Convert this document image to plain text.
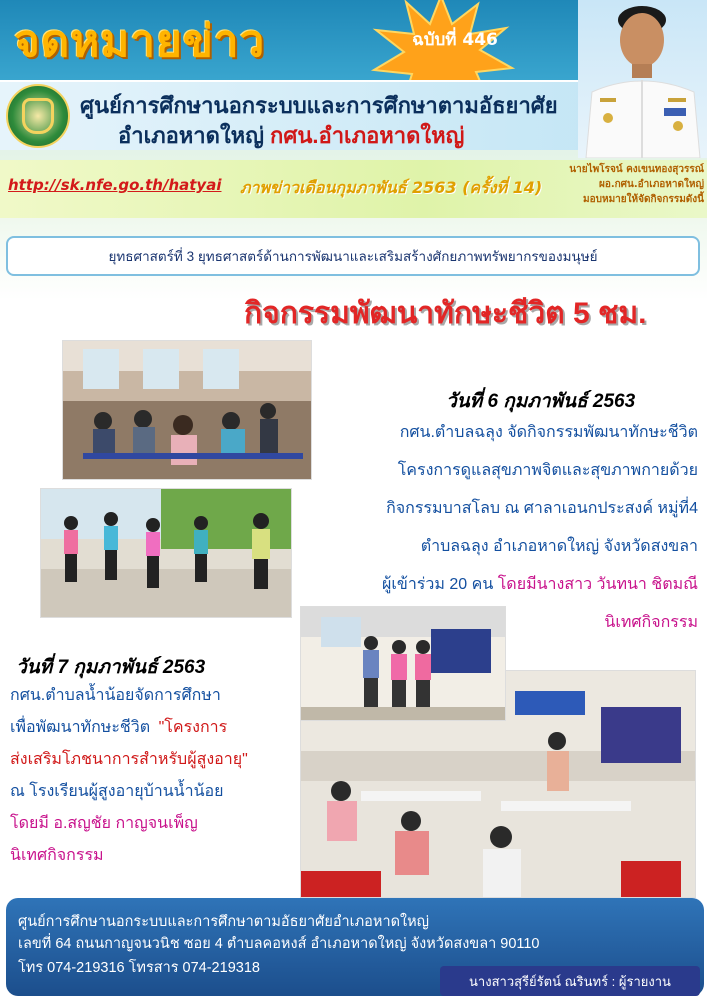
จดหมายข่าว	ฉบับที่ 446
ศูนย์การศึกษานอกระบบและการศึกษาตามอัธยาศัย
อำเภอหาดใหญ่ กศน.อำเภอหาดใหญ่
http://sk.nfe.go.th/hatyai ภาพข่าวเดือนกุมภาพันธ์ 2563 (ครั้งที่ 14)
นายไพโรจน์ คงเขนทองสุวรรณ์
ผอ.กศน.อำเภอหาดใหญ่
มอบหมายให้จัดกิจกรรมดังนี้
ยุทธศาสตร์ที่ 3 ยุทธศาสตร์ด้านการพัฒนาและเสริมสร้างศักยภาพทรัพยากรของมนุษย์
กิจกรรมพัฒนาทักษะชีวิต 5 ชม.
วันที่ 6 กุมภาพันธ์ 2563
กศน.ตำบลฉลุง จัดกิจกรรมพัฒนาทักษะชีวิต
โครงการดูแลสุขภาพจิตและสุขภาพกายด้วย
กิจกรรมบาสโลบ ณ ศาลาเอนกประสงค์ หมู่ที่4
ตำบลฉลุง อำเภอหาดใหญ่ จังหวัดสงขลา
ผู้เข้าร่วม 20 คน โดยมีนางสาว วันทนา ชิตมณี
นิเทศกิจกรรม
วันที่ 7 กุมภาพันธ์ 2563
กศน.ตำบลน้ำน้อยจัดการศึกษา
เพื่อพัฒนาทักษะชีวิต "โครงการ
ส่งเสริมโภชนาการสำหรับผู้สูงอายุ"
ณ โรงเรียนผู้สูงอายุบ้านน้ำน้อย
โดยมี อ.สญชัย กาญจนเพ็ญ
นิเทศกิจกรรม
ศูนย์การศึกษานอกระบบและการศึกษาตามอัธยาศัยอำเภอหาดใหญ่
เลขที่ 64 ถนนกาญจนวนิช ซอย 4 ตำบลคอหงส์ อำเภอหาดใหญ่ จังหวัดสงขลา 90110
โทร 074-219316 โทรสาร 074-219318
นางสาวสุรีย์รัตน์ ณรินทร์ : ผู้รายงาน
